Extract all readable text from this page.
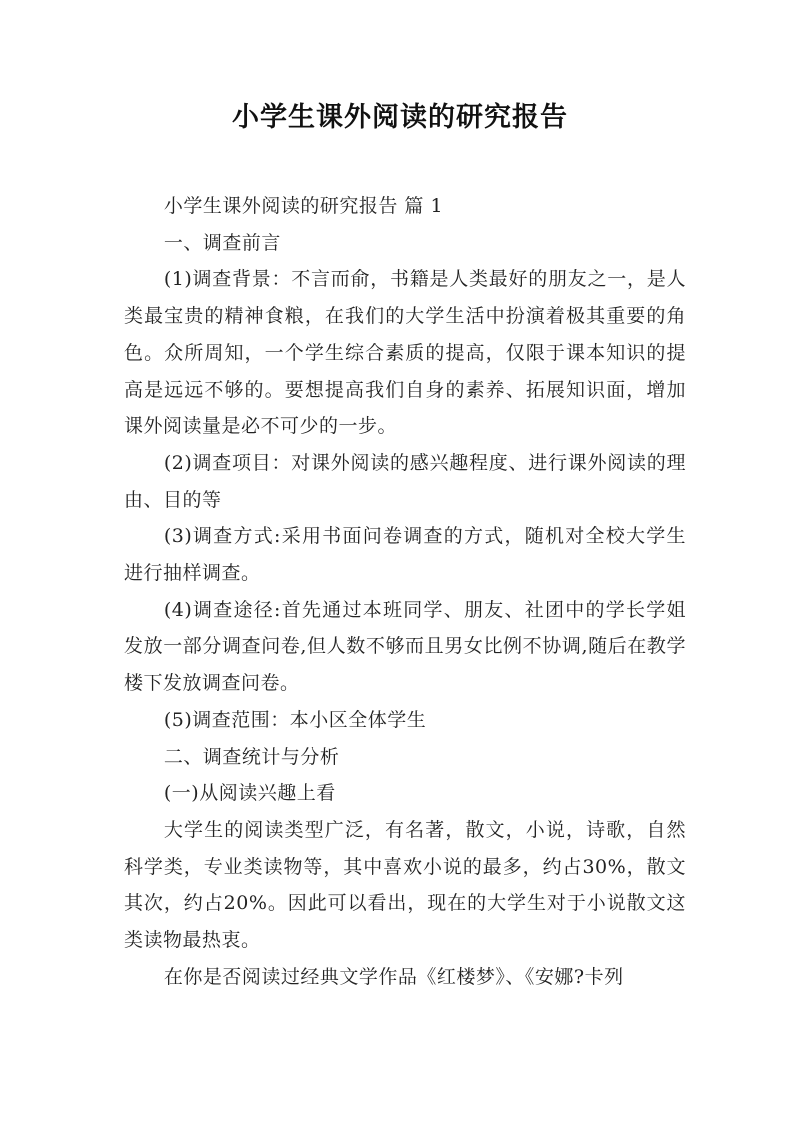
小学生课外阅读的研究报告

小学生课外阅读的研究报告 篇 1

一、调查前言

(1)调查背景：不言而俞，书籍是人类最好的朋友之一，是人类最宝贵的精神食粮，在我们的大学生活中扮演着极其重要的角色。众所周知，一个学生综合素质的提高，仅限于课本知识的提高是远远不够的。要想提高我们自身的素养、拓展知识面，增加课外阅读量是必不可少的一步。

(2)调查项目：对课外阅读的感兴趣程度、进行课外阅读的理由、目的等

(3)调查方式:采用书面问卷调查的方式，随机对全校大学生进行抽样调查。

(4)调查途径:首先通过本班同学、朋友、社团中的学长学姐发放一部分调查问卷,但人数不够而且男女比例不协调,随后在教学楼下发放调查问卷。

(5)调查范围：本小区全体学生

二、调查统计与分析

(一)从阅读兴趣上看

大学生的阅读类型广泛，有名著，散文，小说，诗歌，自然科学类，专业类读物等，其中喜欢小说的最多，约占30%，散文其次，约占20%。因此可以看出，现在的大学生对于小说散文这类读物最热衷。

在你是否阅读过经典文学作品《红楼梦》、《安娜?卡列
